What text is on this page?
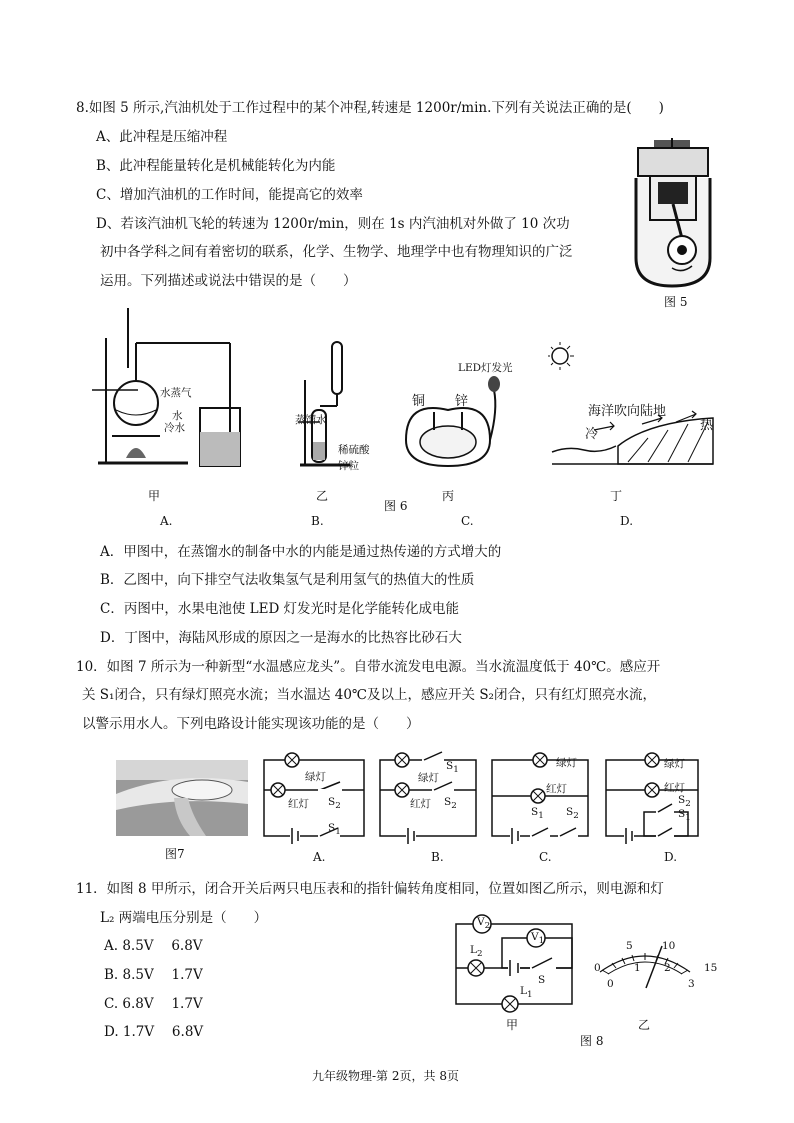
8.如图 5 所示,汽油机处于工作过程中的某个冲程,转速是 1200r/min.下列有关说法正确的是(　　)
A、此冲程是压缩冲程
B、此冲程能量转化是机械能转化为内能
C、增加汽油机的工作时间，能提高它的效率
D、若该汽油机飞轮的转速为 1200r/min，则在 1s 内汽油机对外做了 10 次功
初中各学科之间有着密切的联系，化学、生物学、地理学中也有物理知识的广泛
运用。下列描述或说法中错误的是（　　）
图 5
水蒸气
水
冷水
蒸馏水
稀硫酸
锌粒
铜 锌
LED灯发光
海洋吹向陆地
冷
热
甲	乙	丙	丁
图 6
A.	B.	C.	D.
A．甲图中，在蒸馏水的制备中水的内能是通过热传递的方式增大的
B．乙图中，向下排空气法收集氢气是利用氢气的热值大的性质
C．丙图中，水果电池使 LED 灯发光时是化学能转化成电能
D．丁图中，海陆风形成的原因之一是海水的比热容比砂石大
10．如图 7 所示为一种新型“水温感应龙头”。自带水流发电电源。当水流温度低于 40℃。感应开
关 S₁闭合，只有绿灯照亮水流；当水温达 40℃及以上，感应开关 S₂闭合，只有红灯照亮水流，
以警示用水人。下列电路设计能实现该功能的是（　　）
图7
绿灯
红灯 $S_2$
$S_1$
A.
绿灯
$S_1$
红灯 $S_2$
B.
绿灯
红灯
$S_1$ $S_2$
C.
绿灯
红灯
$S_2$
$S_1$
D.
11．如图 8 甲所示，闭合开关后两只电压表和的指针偏转角度相同，位置如图乙所示，则电源和灯
L₂ 两端电压分别是（　　）
A. 8.5V　 6.8V
B. 8.5V　 1.7V
C. 6.8V　 1.7V
D. 1.7V　 6.8V
$V_2$
$V_1$
$L_2$
$L_1$
S
甲
0
5	10
15
0
1 2
3
乙
图 8
九年级物理-第 2页，共 8页
